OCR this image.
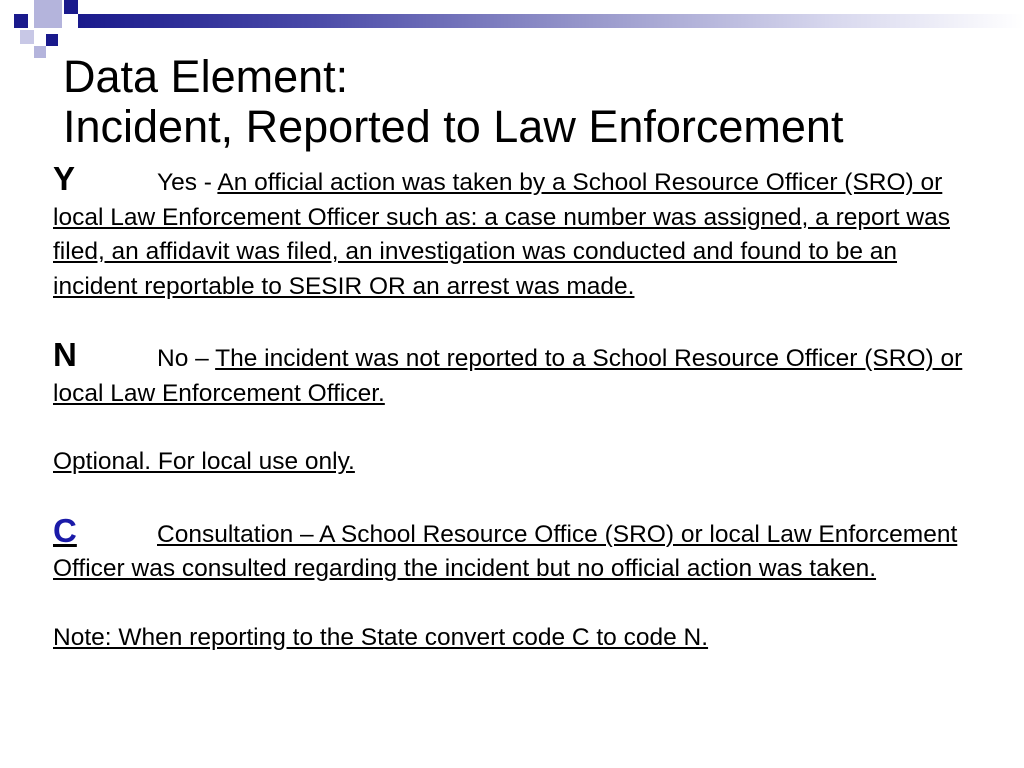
Data Element:
Incident, Reported to Law Enforcement

Y	Yes - An official action was taken by a School Resource Officer (SRO) or local Law Enforcement Officer such as: a case number was assigned, a report was filed, an affidavit was filed, an investigation was conducted and found to be an incident reportable to SESIR OR an arrest was made.

N	No – The incident was not reported to a School Resource Officer (SRO) or local Law Enforcement Officer.

Optional. For local use only.

C	Consultation – A School Resource Office (SRO) or local Law Enforcement Officer was consulted regarding the incident but no official action was taken.

Note: When reporting to the State convert code C to code N.
